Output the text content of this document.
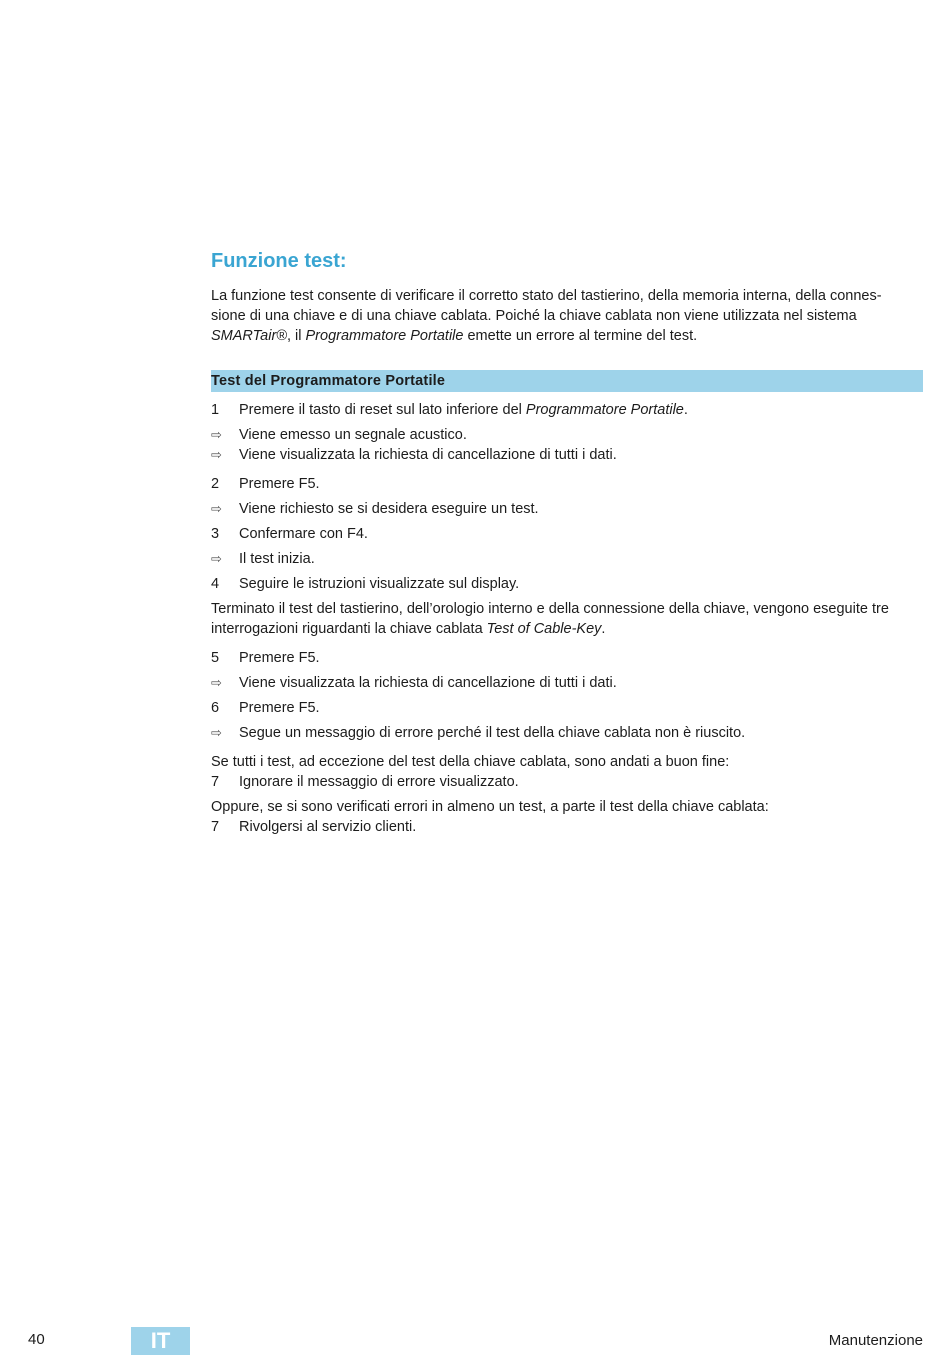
Funzione test:
La funzione test consente di verificare il corretto stato del tastierino, della memoria interna, della connes-
sione di una chiave e di una chiave cablata. Poiché la chiave cablata non viene utilizzata nel sistema
SMARTair®, il Programmatore Portatile emette un errore al termine del test.
Test del Programmatore Portatile
1	Premere il tasto di reset sul lato inferiore del Programmatore Portatile.
⇨	Viene emesso un segnale acustico.
⇨	Viene visualizzata la richiesta di cancellazione di tutti i dati.
2	Premere F5.
⇨	Viene richiesto se si desidera eseguire un test.
3	Confermare con F4.
⇨	Il test inizia.
4	Seguire le istruzioni visualizzate sul display.
Terminato il test del tastierino, dell’orologio interno e della connessione della chiave, vengono eseguite tre
interrogazioni riguardanti la chiave cablata Test of Cable-Key.
5	Premere F5.
⇨	Viene visualizzata la richiesta di cancellazione di tutti i dati.
6	Premere F5.
⇨	Segue un messaggio di errore perché il test della chiave cablata non è riuscito.
Se tutti i test, ad eccezione del test della chiave cablata, sono andati a buon fine:
7	Ignorare il messaggio di errore visualizzato.
Oppure, se si sono verificati errori in almeno un test, a parte il test della chiave cablata:
7	Rivolgersi al servizio clienti.
40	IT	Manutenzione
